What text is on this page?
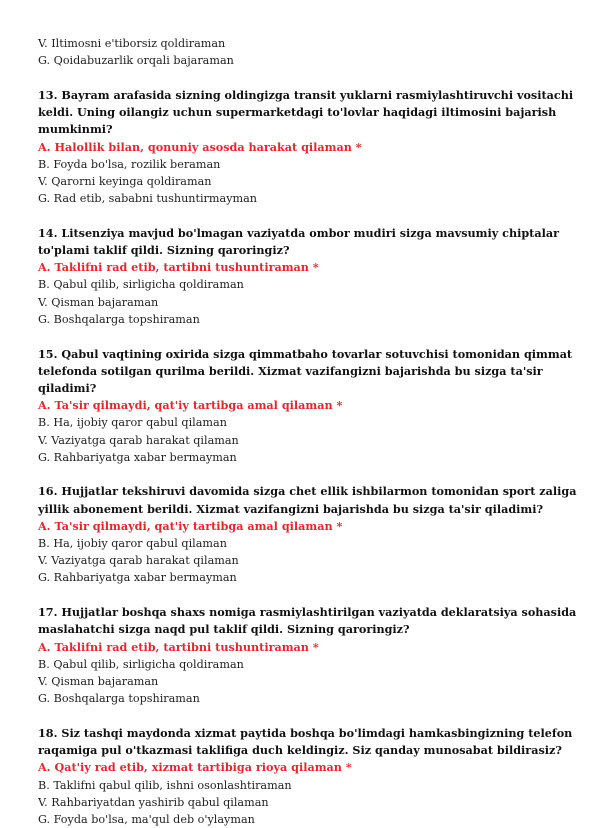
V. Iltimosni e'tiborsiz qoldiraman
G. Qoidabuzarlik orqali bajaraman
13. Bayram arafasida sizning oldingizga transit yuklarni rasmiylashtiruvchi vositachi
keldi. Uning oilangiz uchun supermarketdagi to'lovlar haqidagi iltimosini bajarish
mumkinmi?
A. Halollik bilan, qonuniy asosda harakat qilaman *
B. Foyda bo'lsa, rozilik beraman
V. Qarorni keyinga qoldiraman
G. Rad etib, sababni tushuntirmayman
14. Litsenziya mavjud bo'lmagan vaziyatda ombor mudiri sizga mavsumiy chiptalar
to'plami taklif qildi. Sizning qaroringiz?
A. Taklifni rad etib, tartibni tushuntiraman *
B. Qabul qilib, sirligicha qoldiraman
V. Qisman bajaraman
G. Boshqalarga topshiraman
15. Qabul vaqtining oxirida sizga qimmatbaho tovarlar sotuvchisi tomonidan qimmat
telefonda sotilgan qurilma berildi. Xizmat vazifangizni bajarishda bu sizga ta'sir
qiladimi?
A. Ta'sir qilmaydi, qat'iy tartibga amal qilaman *
B. Ha, ijobiy qaror qabul qilaman
V. Vaziyatga qarab harakat qilaman
G. Rahbariyatga xabar bermayman
16. Hujjatlar tekshiruvi davomida sizga chet ellik ishbilarmon tomonidan sport zaliga
yillik abonement berildi. Xizmat vazifangizni bajarishda bu sizga ta'sir qiladimi?
A. Ta'sir qilmaydi, qat'iy tartibga amal qilaman *
B. Ha, ijobiy qaror qabul qilaman
V. Vaziyatga qarab harakat qilaman
G. Rahbariyatga xabar bermayman
17. Hujjatlar boshqa shaxs nomiga rasmiylashtirilgan vaziyatda deklaratsiya sohasida
maslahatchi sizga naqd pul taklif qildi. Sizning qaroringiz?
A. Taklifni rad etib, tartibni tushuntiraman *
B. Qabul qilib, sirligicha qoldiraman
V. Qisman bajaraman
G. Boshqalarga topshiraman
18. Siz tashqi maydonda xizmat paytida boshqa bo'limdagi hamkasbingizning telefon
raqamiga pul o'tkazmasi taklifiga duch keldingiz. Siz qanday munosabat bildirasiz?
A. Qat'iy rad etib, xizmat tartibiga rioya qilaman *
B. Taklifni qabul qilib, ishni osonlashtiraman
V. Rahbariyatdan yashirib qabul qilaman
G. Foyda bo'lsa, ma'qul deb o'ylayman
